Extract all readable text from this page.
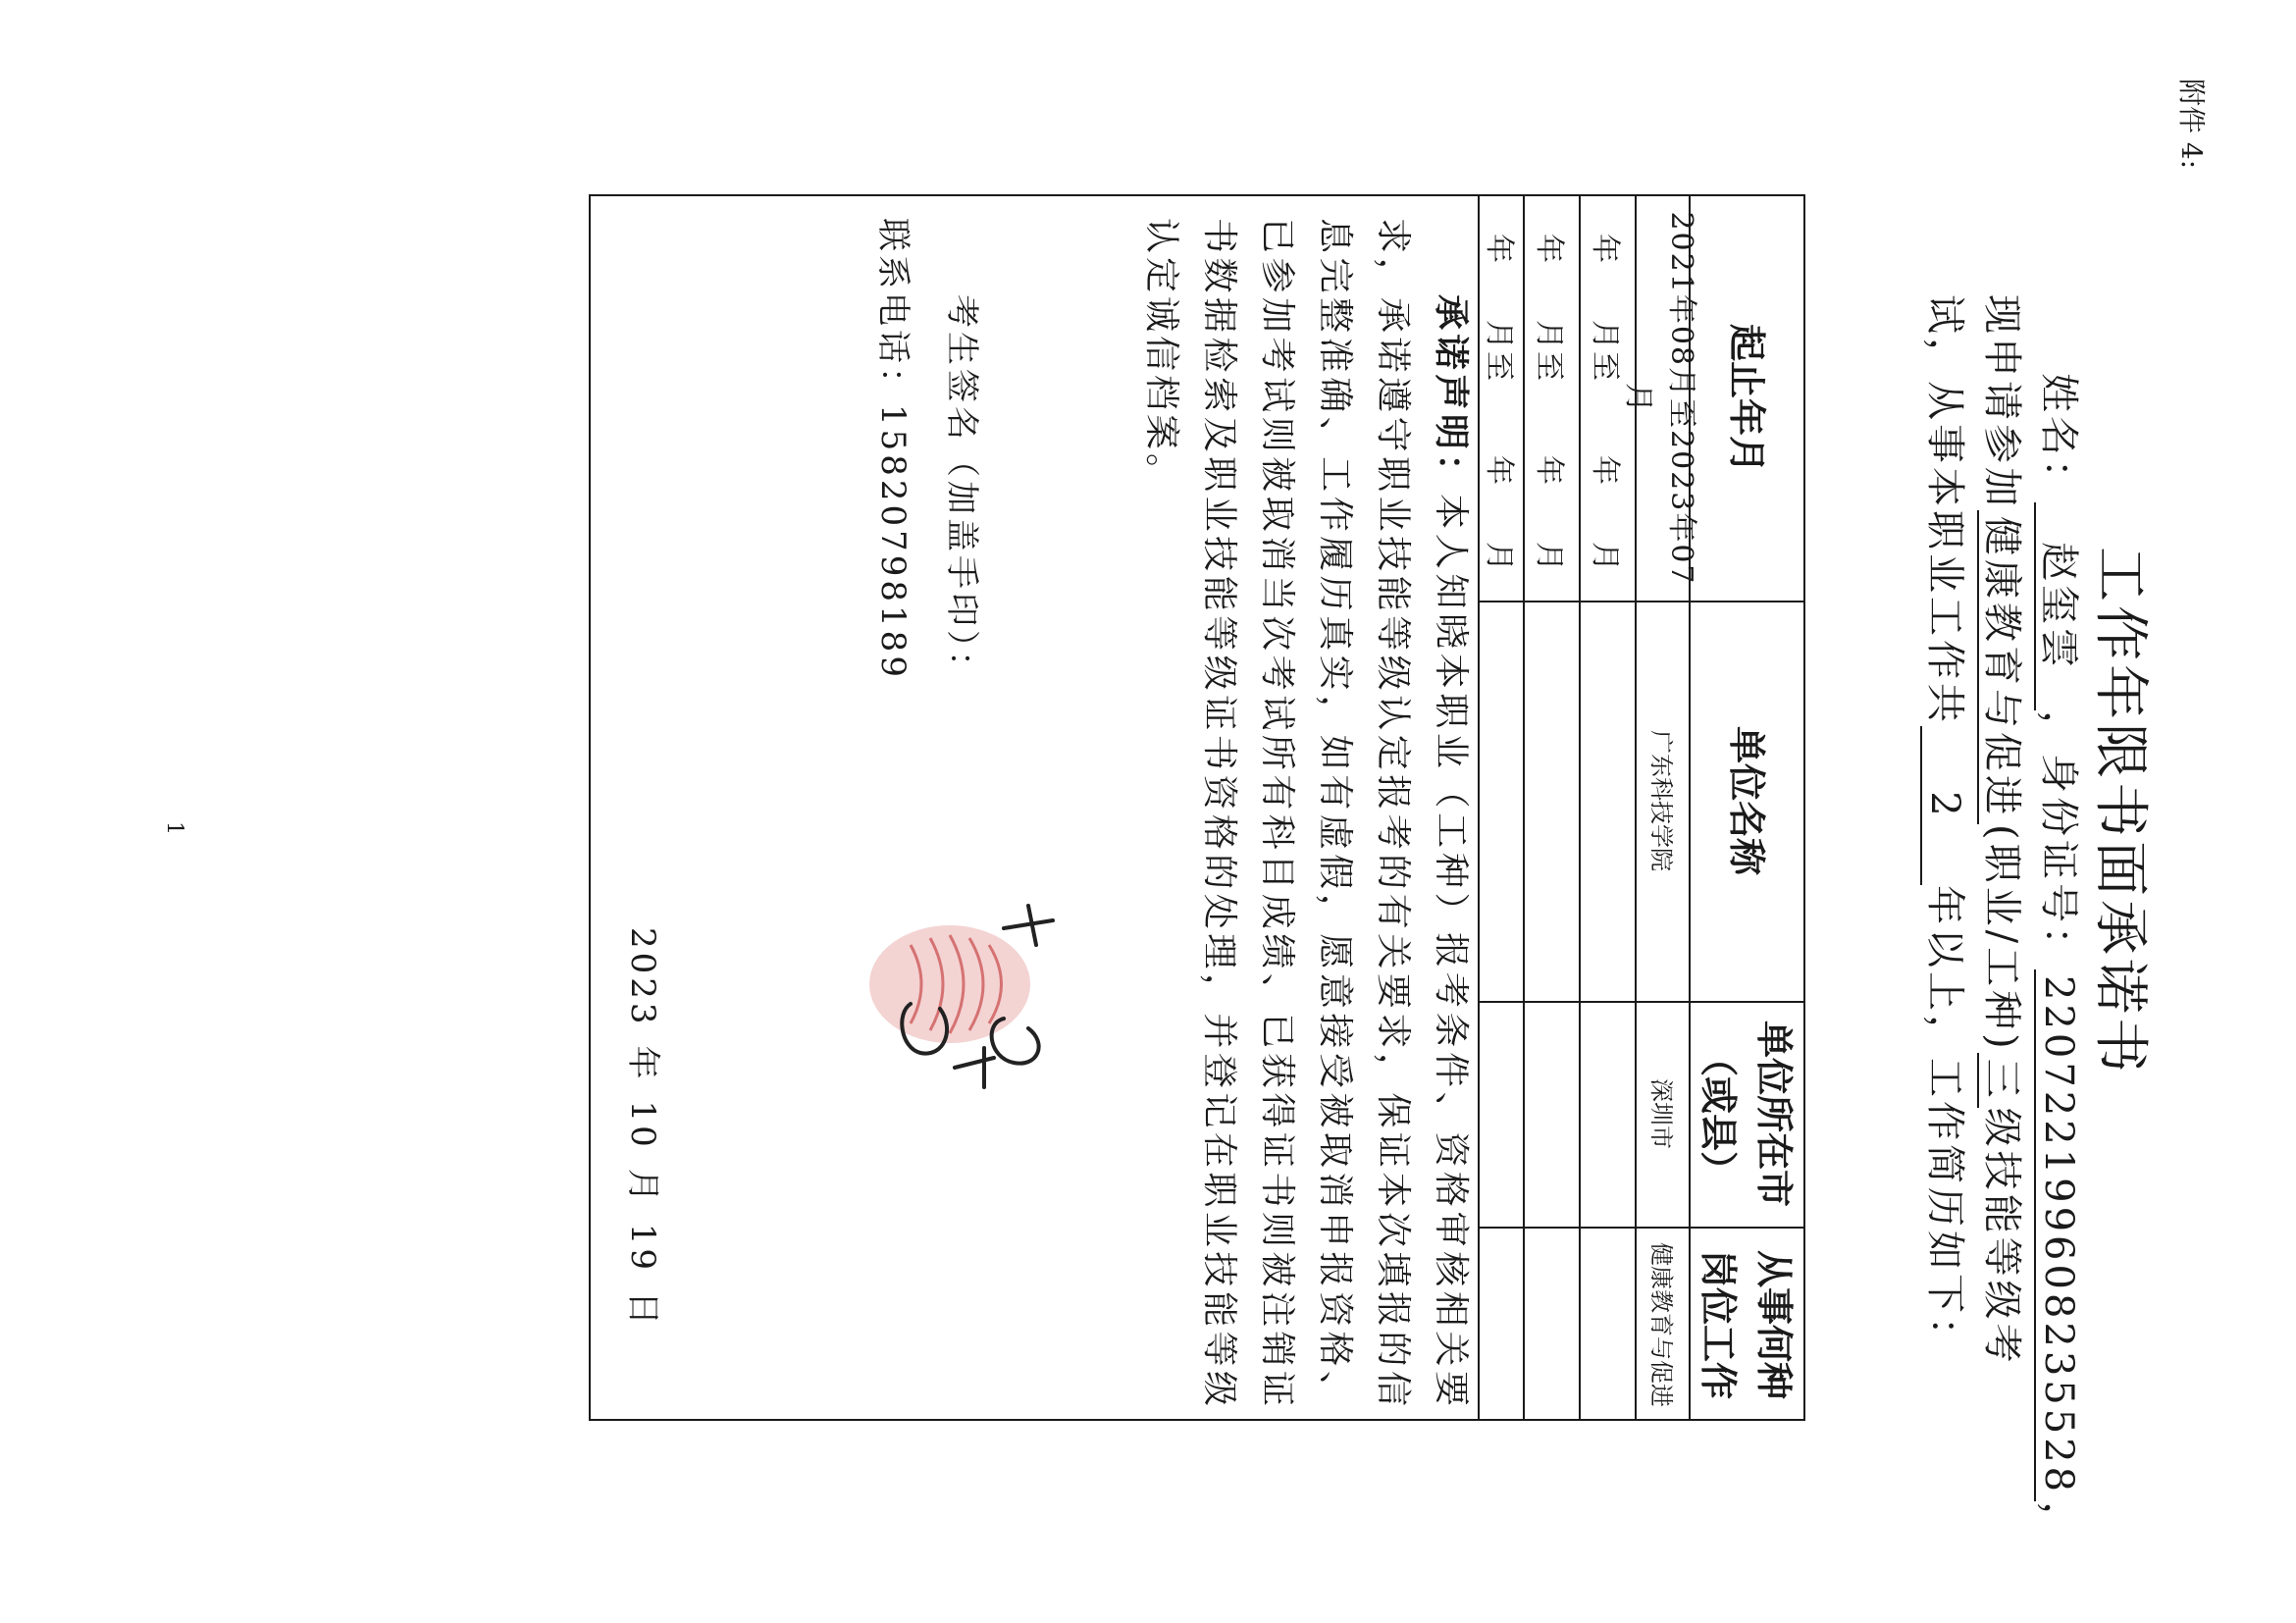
附件 4:
工作年限书面承诺书
姓名：赵玺雲，身份证号：220722199608235528，
现申请参加健康教育与促进(职业/工种)三级技能等级考
试，从事本职业工作共2年以上，工作简历如下：
起止年月
单位名称
单位所在市
（或县）
从事何种
岗位工作
2021年08月至2023年07月
广东科技学院
深圳市
健康教育与促进
年
月至
年
月
年
月至
年
月
年
月至
年
月
承诺声明：本人知晓本职业（工种）报考条件、资格审核相关要求，承诺遵守职业技能等级认定报考的有关要求，保证本次填报的信息完整准确、工作履历真实，如有虚假，愿意接受被取消申报资格、已参加考试则被取消当次考试所有科目成绩、已获得证书则被注销证书数据检索及职业技能等级证书资格的处理，并登记在职业技能等级认定诚信档案。
考生签名（加盖手印）：
联系电话：15820798189
2023年10月19日
1
